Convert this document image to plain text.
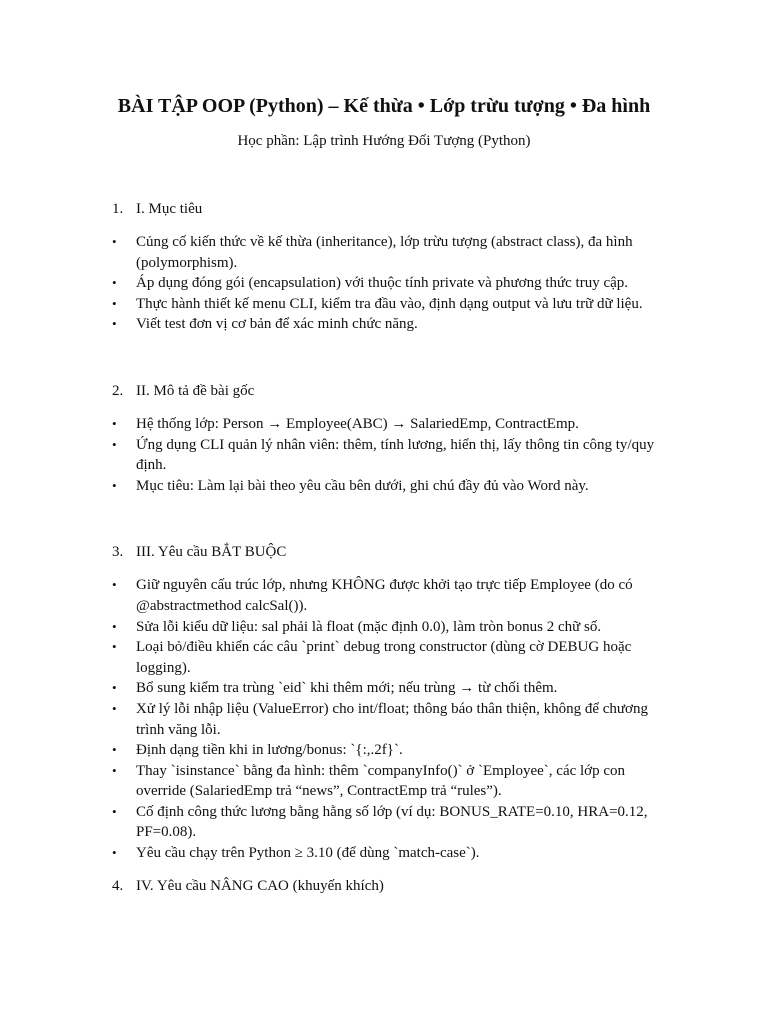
BÀI TẬP OOP (Python) – Kế thừa • Lớp trừu tượng • Đa hình

Học phần: Lập trình Hướng Đối Tượng (Python)

1. I. Mục tiêu

•	Củng cố kiến thức về kế thừa (inheritance), lớp trừu tượng (abstract class), đa hình (polymorphism).
•	Áp dụng đóng gói (encapsulation) với thuộc tính private và phương thức truy cập.
•	Thực hành thiết kế menu CLI, kiểm tra đầu vào, định dạng output và lưu trữ dữ liệu.
•	Viết test đơn vị cơ bản để xác minh chức năng.

2. II. Mô tả đề bài gốc

•	Hệ thống lớp: Person → Employee(ABC) → SalariedEmp, ContractEmp.
•	Ứng dụng CLI quản lý nhân viên: thêm, tính lương, hiển thị, lấy thông tin công ty/quy định.
•	Mục tiêu: Làm lại bài theo yêu cầu bên dưới, ghi chú đầy đủ vào Word này.

3. III. Yêu cầu BẮT BUỘC

•	Giữ nguyên cấu trúc lớp, nhưng KHÔNG được khởi tạo trực tiếp Employee (do có @abstractmethod calcSal()).
•	Sửa lỗi kiểu dữ liệu: sal phải là float (mặc định 0.0), làm tròn bonus 2 chữ số.
•	Loại bỏ/điều khiển các câu `print` debug trong constructor (dùng cờ DEBUG hoặc logging).
•	Bổ sung kiểm tra trùng `eid` khi thêm mới; nếu trùng → từ chối thêm.
•	Xử lý lỗi nhập liệu (ValueError) cho int/float; thông báo thân thiện, không để chương trình văng lỗi.
•	Định dạng tiền khi in lương/bonus: `{:,.2f}`.
•	Thay `isinstance` bằng đa hình: thêm `companyInfo()` ở `Employee`, các lớp con override (SalariedEmp trả “news”, ContractEmp trả “rules”).
•	Cố định công thức lương bằng hằng số lớp (ví dụ: BONUS_RATE=0.10, HRA=0.12, PF=0.08).
•	Yêu cầu chạy trên Python ≥ 3.10 (để dùng `match-case`).

4. IV. Yêu cầu NÂNG CAO (khuyến khích)
